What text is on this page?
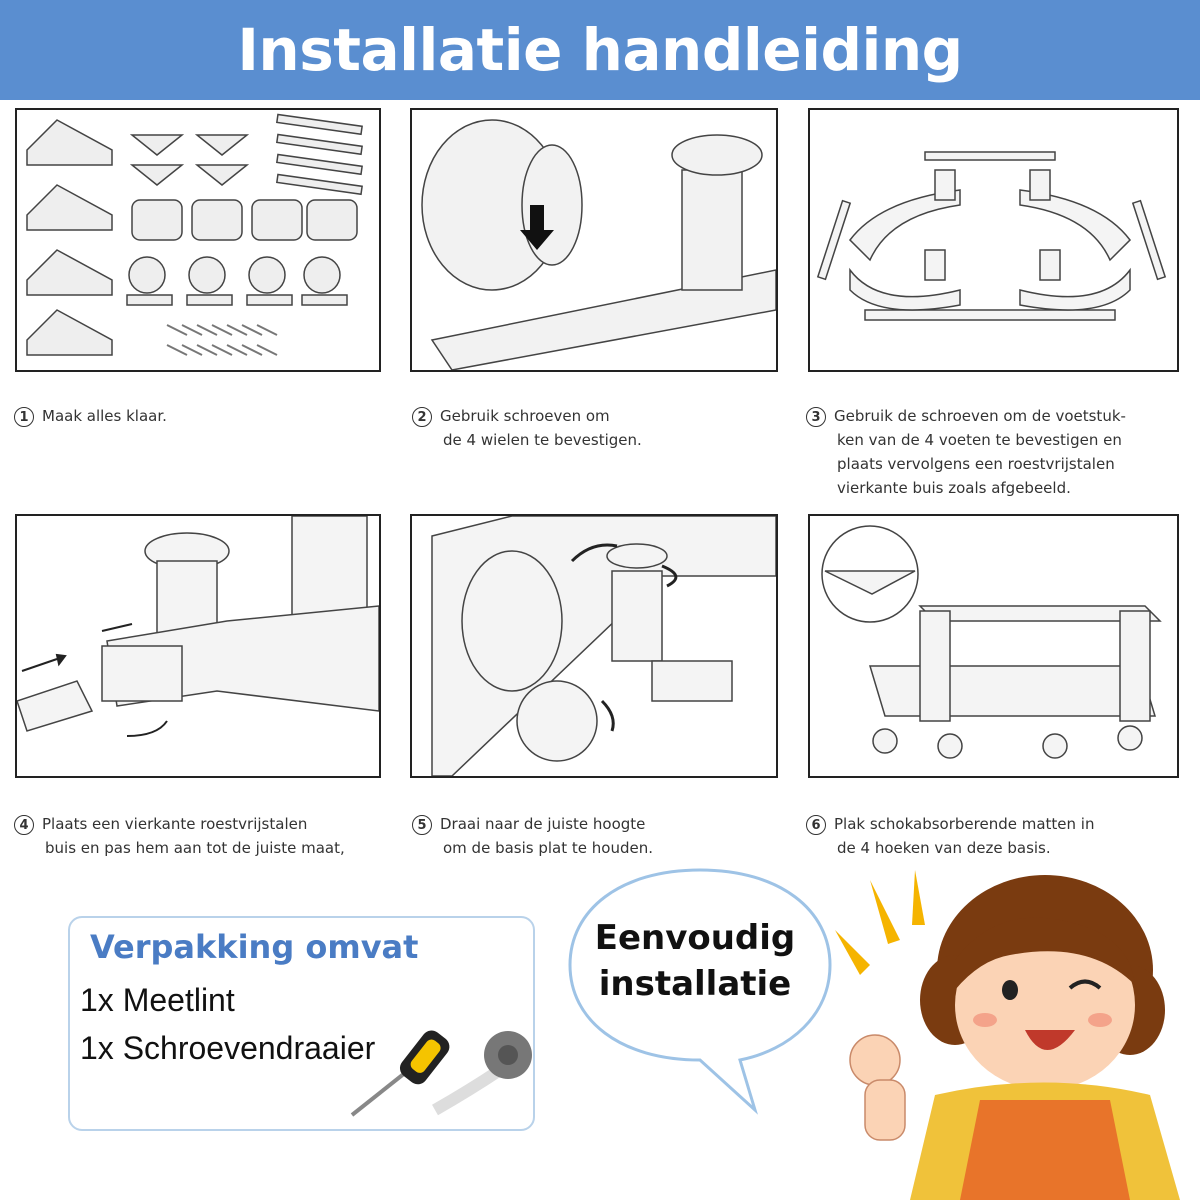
Installatie handleiding
1 Maak alles klaar.	2 Gebruik schroeven om
de 4 wielen te bevestigen.
3 Gebruik de schroeven om de voetstuk-
ken van de 4 voeten te bevestigen en
plaats vervolgens een roestvrijstalen
vierkante buis zoals afgebeeld.
4 Plaats een vierkante roestvrijstalen
buis en pas hem aan tot de juiste maat,
5 Draai naar de juiste hoogte
om de basis plat te houden.
6 Plak schokabsorberende matten in
de 4 hoeken van deze basis.
Verpakking omvat
1x Meetlint
1x Schroevendraaier
Eenvoudig
installatie
